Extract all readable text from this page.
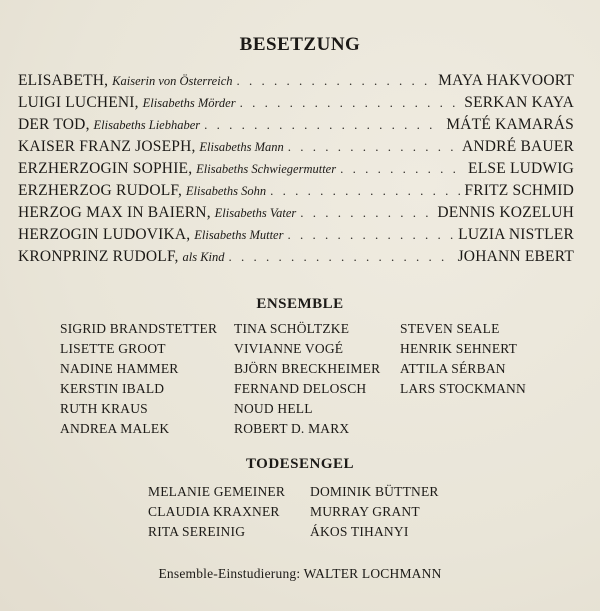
BESETZUNG
ELISABETH,
Kaiserin von Österreich . . .	MAYA HAKVOORT
LUIGI LUCHENI,
Elisabeths Mörder . . .	SERKAN KAYA
DER TOD,
Elisabeths Liebhaber . . .	MÁTÉ KAMARÁS
KAISER FRANZ JOSEPH,
Elisabeths Mann . . .	ANDRÉ BAUER
ERZHERZOGIN SOPHIE,
Elisabeths Schwiegermutter . . .	ELSE LUDWIG
ERZHERZOG RUDOLF,
Elisabeths Sohn . . .	FRITZ SCHMID
HERZOG MAX IN BAIERN,
Elisabeths Vater . . .	DENNIS KOZELUH
HERZOGIN LUDOVIKA,
Elisabeths Mutter . . .	LUZIA NISTLER
KRONPRINZ RUDOLF,
als Kind . . .	JOHANN EBERT
ENSEMBLE
SIGRID BRANDSTETTER
LISETTE GROOT
NADINE HAMMER
KERSTIN IBALD
RUTH KRAUS
ANDREA MALEK
TINA SCHÖLTZKE
VIVIANNE VOGÉ
BJÖRN BRECKHEIMER
FERNAND DELOSCH
NOUD HELL
ROBERT D. MARX
STEVEN SEALE
HENRIK SEHNERT
ATTILA SÉRBAN
LARS STOCKMANN
TODESENGEL
MELANIE GEMEINER
CLAUDIA KRAXNER
RITA SEREINIG
DOMINIK BÜTTNER
MURRAY GRANT
ÁKOS TIHANYI
Ensemble-Einstudierung: WALTER LOCHMANN
